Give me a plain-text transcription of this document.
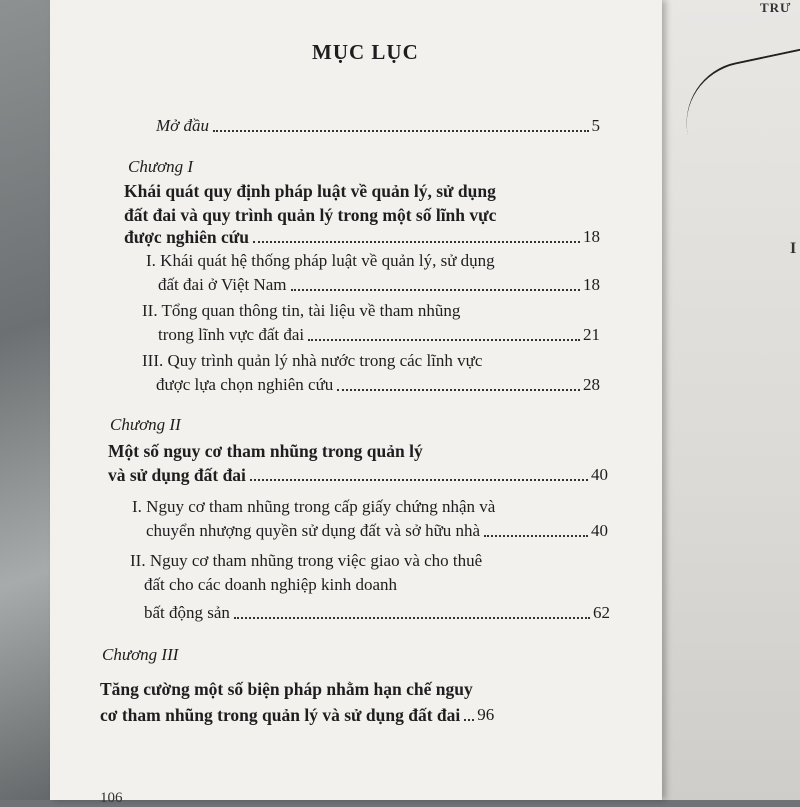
TRƯ
I
MỤC LỤC
Mở đầu	5
Chương I
Khái quát quy định pháp luật về quản lý, sử dụng
đất đai và quy trình quản lý trong một số lĩnh vực
được nghiên cứu	18
I. Khái quát hệ thống pháp luật về quản lý, sử dụng
đất đai ở Việt Nam	18
II. Tổng quan thông tin, tài liệu về tham nhũng
trong lĩnh vực đất đai	21
III. Quy trình quản lý nhà nước trong các lĩnh vực
được lựa chọn nghiên cứu	28
Chương II
Một số nguy cơ tham nhũng trong quản lý
và sử dụng đất đai	40
I. Nguy cơ tham nhũng trong cấp giấy chứng nhận và
chuyển nhượng quyền sử dụng đất và sở hữu nhà	40
II. Nguy cơ tham nhũng trong việc giao và cho thuê
đất cho các doanh nghiệp kinh doanh
bất động sản	62
Chương III
Tăng cường một số biện pháp nhằm hạn chế nguy
cơ tham nhũng trong quản lý và sử dụng đất đai 96
106
